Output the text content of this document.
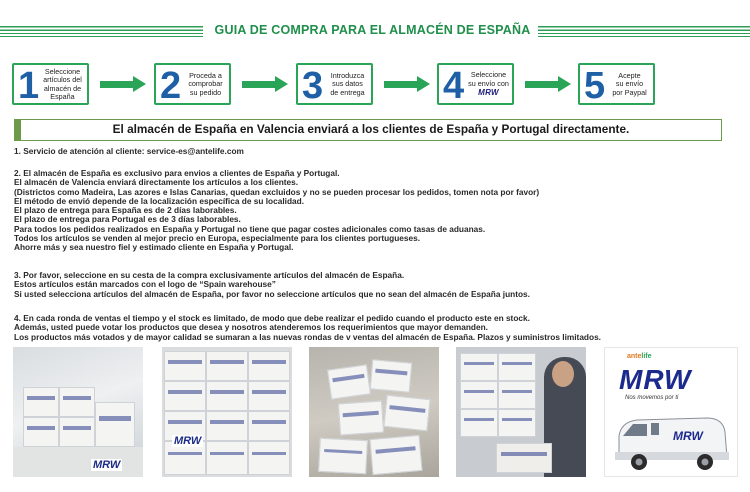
GUIA DE COMPRA PARA EL ALMACÉN DE ESPAÑA
1 Seleccione
artículos del
almacén de
España 2 Proceda a
comprobar
su pedido 3 Introduzca
sus datos
de entrega 4 Seleccione
su envío con
MRW 5	Acepte
su envío
por Paypal
El almacén de España en Valencia enviará a los clientes de España y Portugal directamente.
1. Servicio de atención al cliente: service-es@antelife.com
2. El almacén de España es exclusivo para envios a clientes de España y Portugal.
El almacén de Valencia enviará directamente los artículos a los clientes.
(Districtos como Madeira, Las azores e Islas Canarias, quedan excluidos y no se pueden procesar los pedidos, tomen nota por favor)
El método de envió depende de la localización específica de su localidad.
El plazo de entrega para España es de 2 días laborables.
El plazo de entrega para Portugal es de 3 días laborables.
Para todos los pedidos realizados en España y Portugal no tiene que pagar costes adicionales como tasas de aduanas.
Todos los artículos se venden al mejor precio en Europa, especialmente para los clientes portugueses.
Ahorre más y sea nuestro fiel y estimado cliente en España y Portugal.
3. Por favor, seleccione en su cesta de la compra exclusivamente artículos del almacén de España.
Estos artículos están marcados con el logo de “Spain warehouse”
Si usted selecciona artículos del almacén de España, por favor no seleccione artículos que no sean del almacén de España juntos.
4. En cada ronda de ventas el tiempo y el stock es limitado, de modo que debe realizar el pedido cuando el producto este en stock.
Además, usted puede votar los productos que desea y nosotros atenderemos los requerimientos que mayor demanden.
Los productos más votados y de mayor calidad se sumaran a las nuevas rondas de v ventas del almacén de España. Plazos y suministros limitados.
MRW
MRW
antelife
MRW
Nos movemos por ti
MRW
